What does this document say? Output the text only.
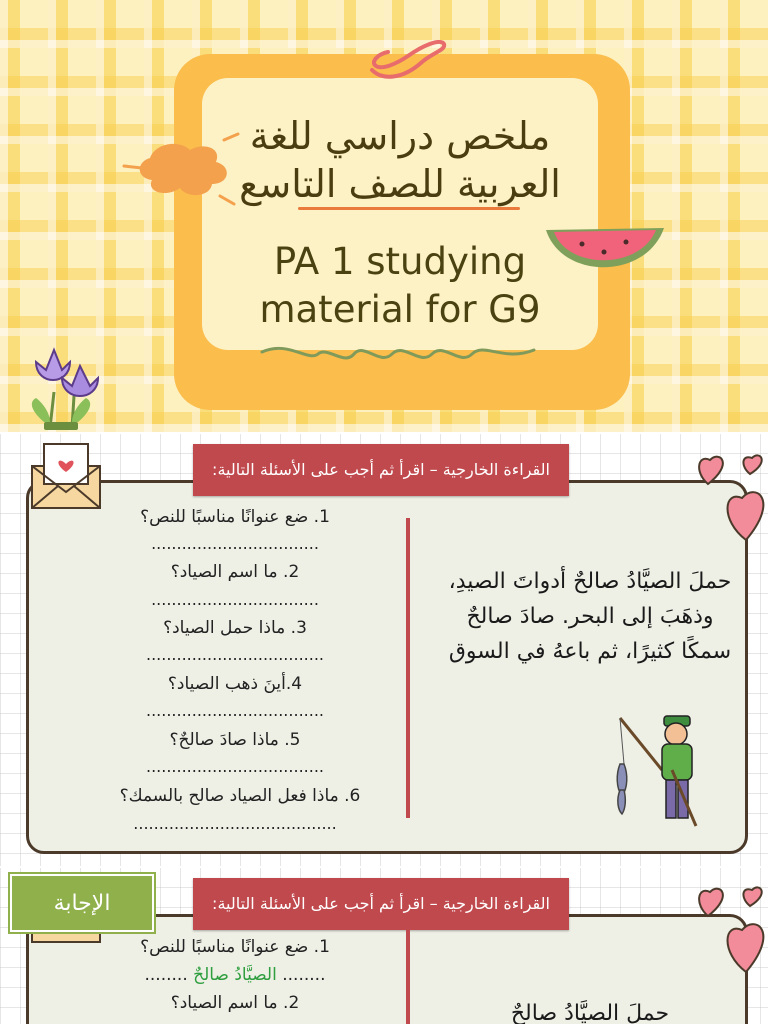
ملخص دراسي للغة العربية للصف التاسع
PA 1 studying material for G9
القراءة الخارجية – اقرأ ثم أجب على الأسئلة التالية:
1. ضع عنوانًا مناسبًا للنص؟
.................................
2. ما اسم الصياد؟
.................................
3. ماذا حمل الصياد؟
...................................
4.أينَ ذهب الصياد؟
...................................
5. ماذا صادَ صالحٌ؟
...................................
6. ماذا فعل الصياد صالح بالسمك؟
........................................
حملَ الصيَّادُ صالحٌ أدواتَ الصيدِ، وذهَبَ إلى البحر. صادَ صالحٌ سمكًا كثيرًا، ثم باعهُ في السوق
الإجابة	القراءة الخارجية – اقرأ ثم أجب على الأسئلة التالية:
1. ضع عنوانًا مناسبًا للنص؟
........ الصيَّادُ صالحٌ ........
2. ما اسم الصياد؟	حملَ الصيَّادُ صالحٌ
